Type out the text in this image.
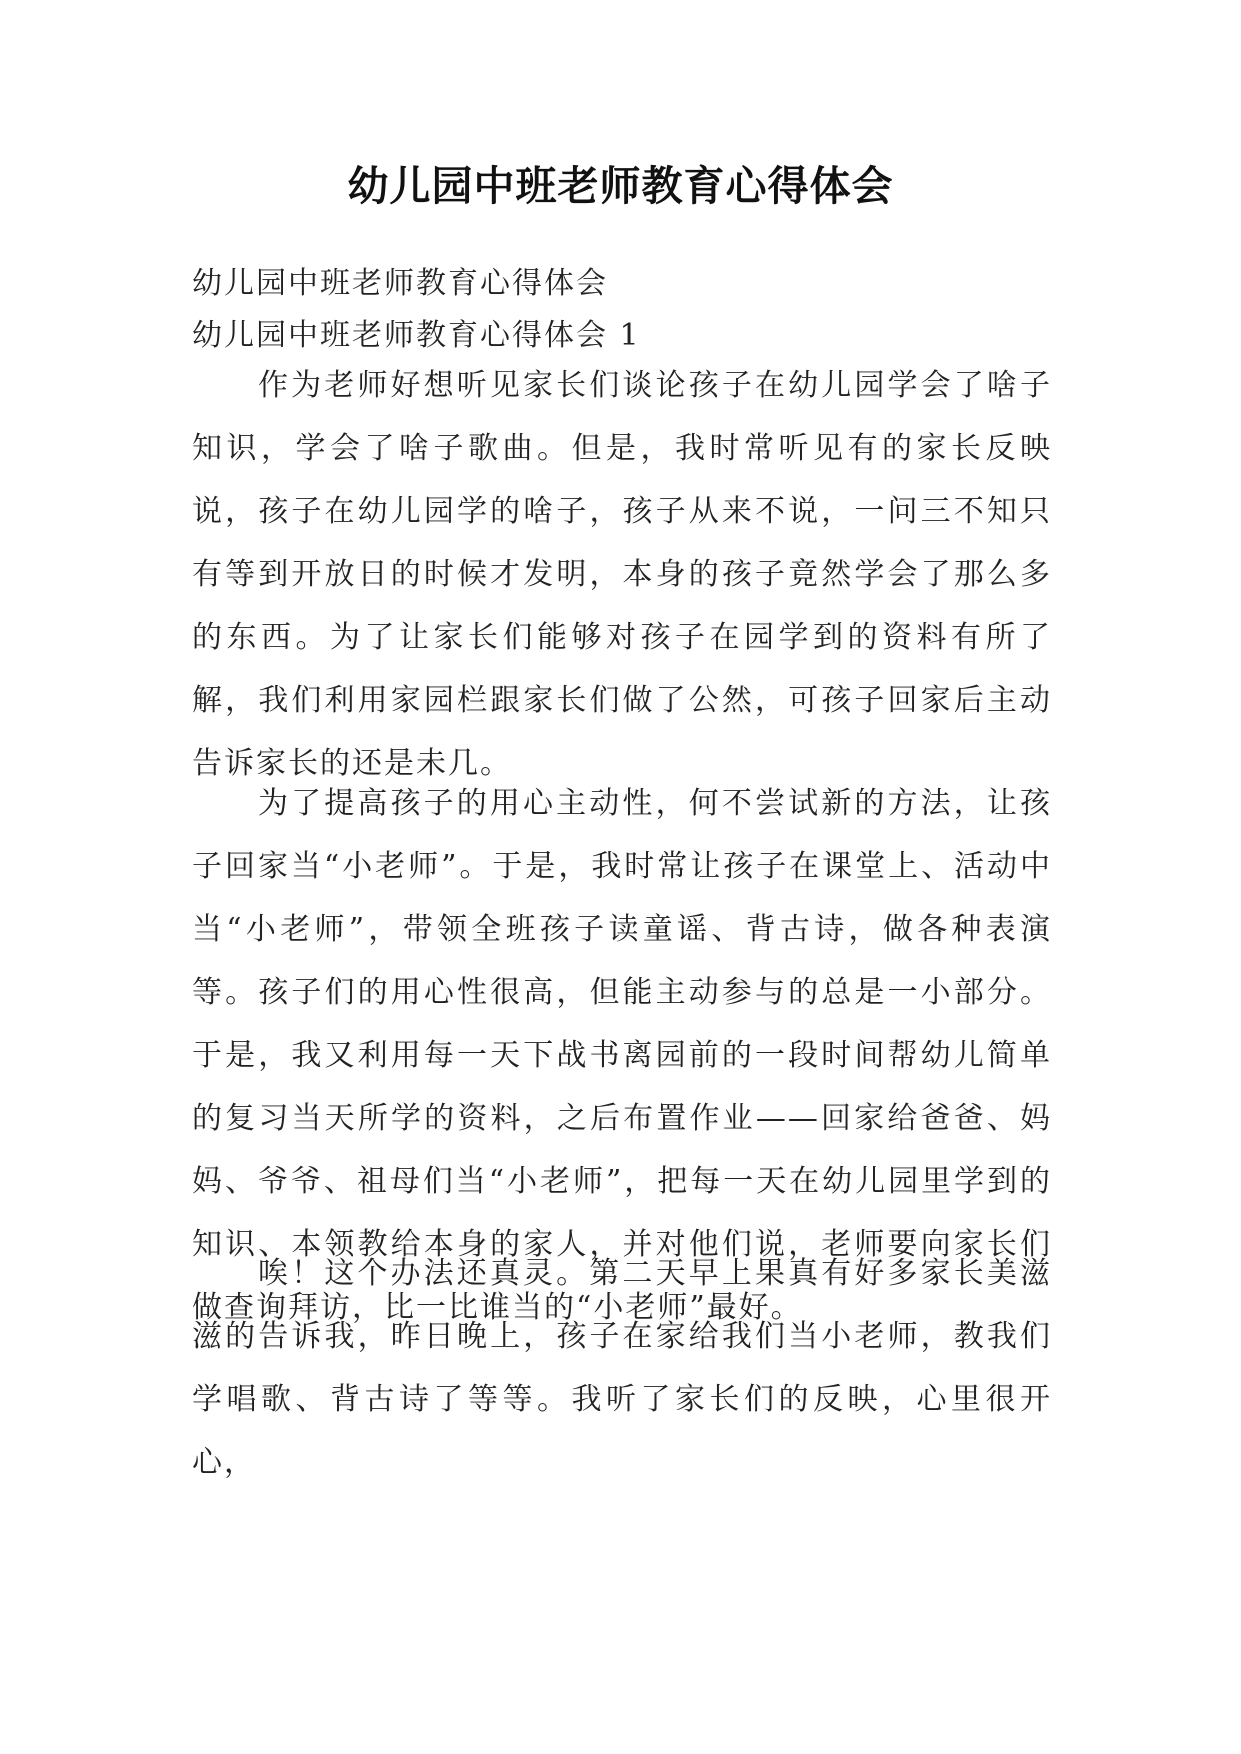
幼儿园中班老师教育心得体会
幼儿园中班老师教育心得体会
幼儿园中班老师教育心得体会 1

作为老师好想听见家长们谈论孩子在幼儿园学会了啥子知识，学会了啥子歌曲。但是，我时常听见有的家长反映说，孩子在幼儿园学的啥子，孩子从来不说，一问三不知只有等到开放日的时候才发明，本身的孩子竟然学会了那么多的东西。为了让家长们能够对孩子在园学到的资料有所了解，我们利用家园栏跟家长们做了公然，可孩子回家后主动告诉家长的还是未几。

为了提高孩子的用心主动性，何不尝试新的方法，让孩子回家当“小老师”。于是，我时常让孩子在课堂上、活动中当“小老师”，带领全班孩子读童谣、背古诗，做各种表演等。孩子们的用心性很高，但能主动参与的总是一小部分。于是，我又利用每一天下战书离园前的一段时间帮幼儿简单的复习当天所学的资料，之后布置作业——回家给爸爸、妈妈、爷爷、祖母们当“小老师”，把每一天在幼儿园里学到的知识、本领教给本身的家人，并对他们说，老师要向家长们做查询拜访，比一比谁当的“小老师”最好。

唉！这个办法还真灵。第二天早上果真有好多家长美滋滋的告诉我，昨日晚上，孩子在家给我们当小老师，教我们学唱歌、背古诗了等等。我听了家长们的反映，心里很开心，
